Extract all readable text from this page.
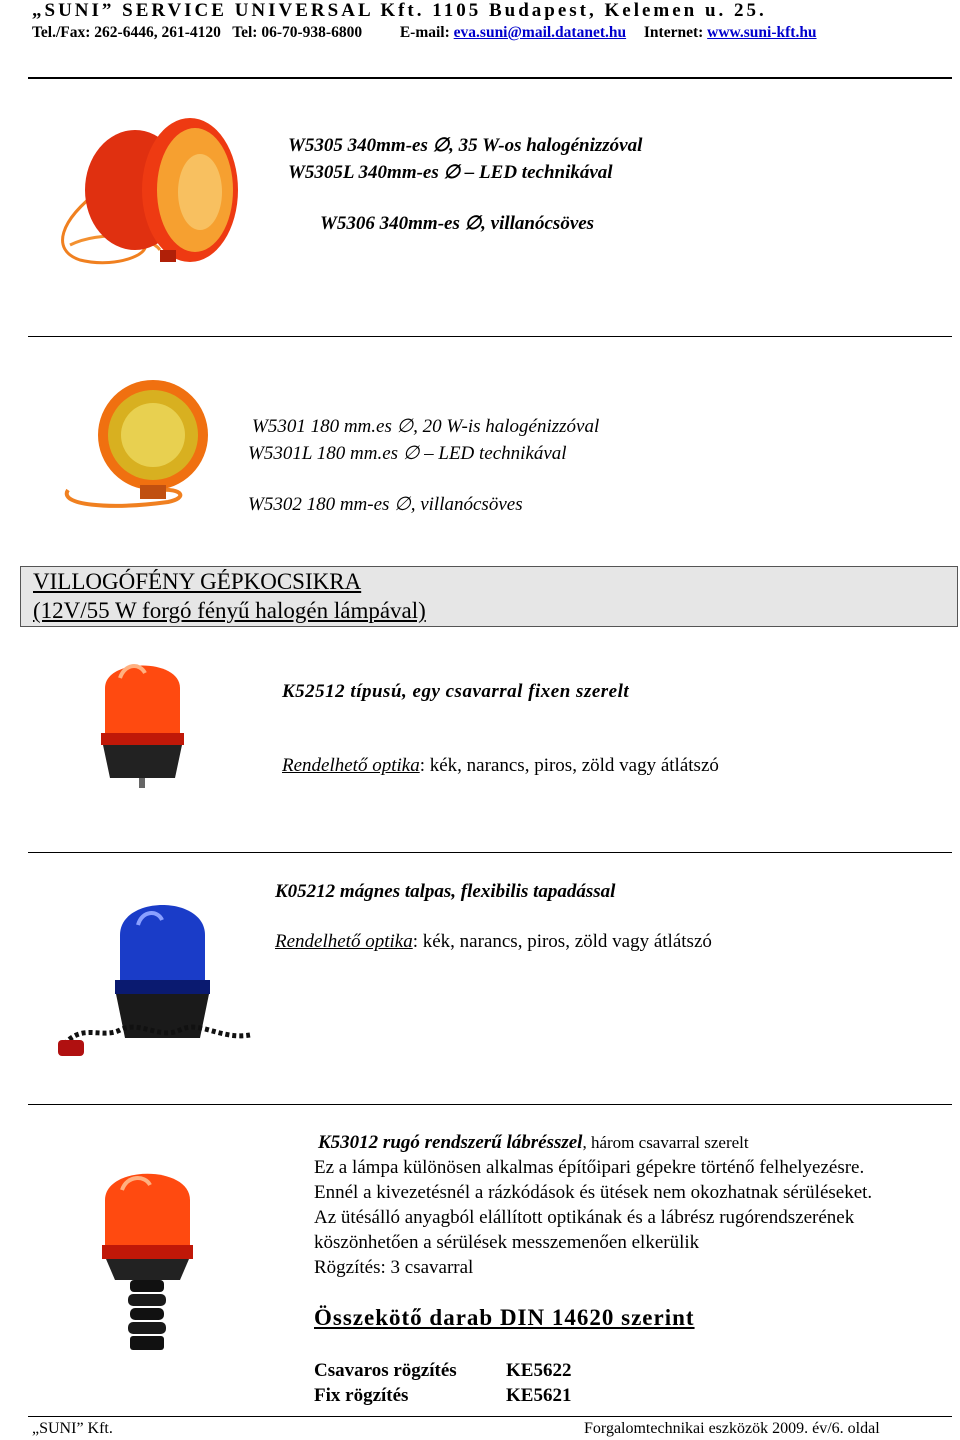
„SUNI” SERVICE UNIVERSAL Kft. 1105 Budapest, Kelemen u. 25.
Tel./Fax: 262-6446, 261-4120   Tel: 06-70-938-6800 E-mail: eva.suni@mail.datanet.hu Internet: www.suni-kft.hu
W5305 340mm-es ∅, 35 W-os halogénizzóval
W5305L 340mm-es ∅ – LED technikával
W5306 340mm-es ∅, villanócsöves
W5301 180 mm.es ∅, 20 W-is halogénizzóval
W5301L 180 mm.es ∅ – LED technikával
W5302 180 mm-es ∅, villanócsöves
VILLOGÓFÉNY GÉPKOCSIKRA
(12V/55 W forgó fényű halogén lámpával)
K52512 típusú, egy csavarral fixen szerelt
Rendelhető optika: kék, narancs, piros, zöld vagy átlátszó
K05212 mágnes talpas, flexibilis tapadással
Rendelhető optika: kék, narancs, piros, zöld vagy átlátszó
K53012 rugó rendszerű lábrésszel, három csavarral szerelt
Ez a lámpa különösen alkalmas építőipari gépekre történő felhelyezésre.
Ennél a kivezetésnél a rázkódások és ütések nem okozhatnak sérüléseket.
Az ütésálló anyagból elállított optikának és a lábrész rugórendszerének
köszönhetően a sérülések messzemenően elkerülik
Rögzítés: 3 csavarral
Összekötő darab DIN 14620 szerint
Csavaros rögzítés	KE5622
Fix rögzítés	KE5621
„SUNI” Kft.	Forgalomtechnikai eszközök 2009. év/6. oldal
